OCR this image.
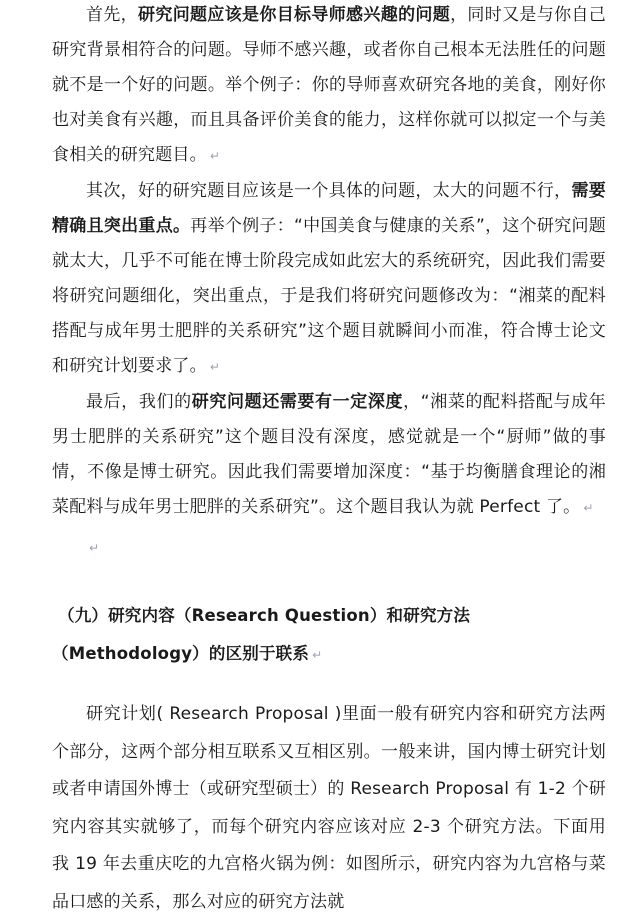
首先，研究问题应该是你目标导师感兴趣的问题，同时又是与你自己研究背景相符合的问题。导师不感兴趣，或者你自己根本无法胜任的问题就不是一个好的问题。举个例子：你的导师喜欢研究各地的美食，刚好你也对美食有兴趣，而且具备评价美食的能力，这样你就可以拟定一个与美食相关的研究题目。 ↵

其次，好的研究题目应该是一个具体的问题，太大的问题不行，需要精确且突出重点。再举个例子：“中国美食与健康的关系”，这个研究问题就太大，几乎不可能在博士阶段完成如此宏大的系统研究，因此我们需要将研究问题细化，突出重点，于是我们将研究问题修改为：“湘菜的配料搭配与成年男士肥胖的关系研究”这个题目就瞬间小而准，符合博士论文和研究计划要求了。 ↵

最后，我们的研究问题还需要有一定深度，“湘菜的配料搭配与成年男士肥胖的关系研究”这个题目没有深度，感觉就是一个“厨师”做的事情，不像是博士研究。因此我们需要增加深度：“基于均衡膳食理论的湘菜配料与成年男士肥胖的关系研究”。这个题目我认为就 Perfect 了。 ↵

↵

（九）研究内容（Research Question）和研究方法（Methodology）的区别于联系 ↵

研究计划( Research Proposal )里面一般有研究内容和研究方法两个部分，这两个部分相互联系又互相区别。一般来讲，国内博士研究计划或者申请国外博士（或研究型硕士）的 Research Proposal 有 1-2 个研究内容其实就够了，而每个研究内容应该对应 2-3 个研究方法。下面用我 19 年去重庆吃的九宫格火锅为例：如图所示，研究内容为九宫格与菜品口感的关系，那么对应的研究方法就
